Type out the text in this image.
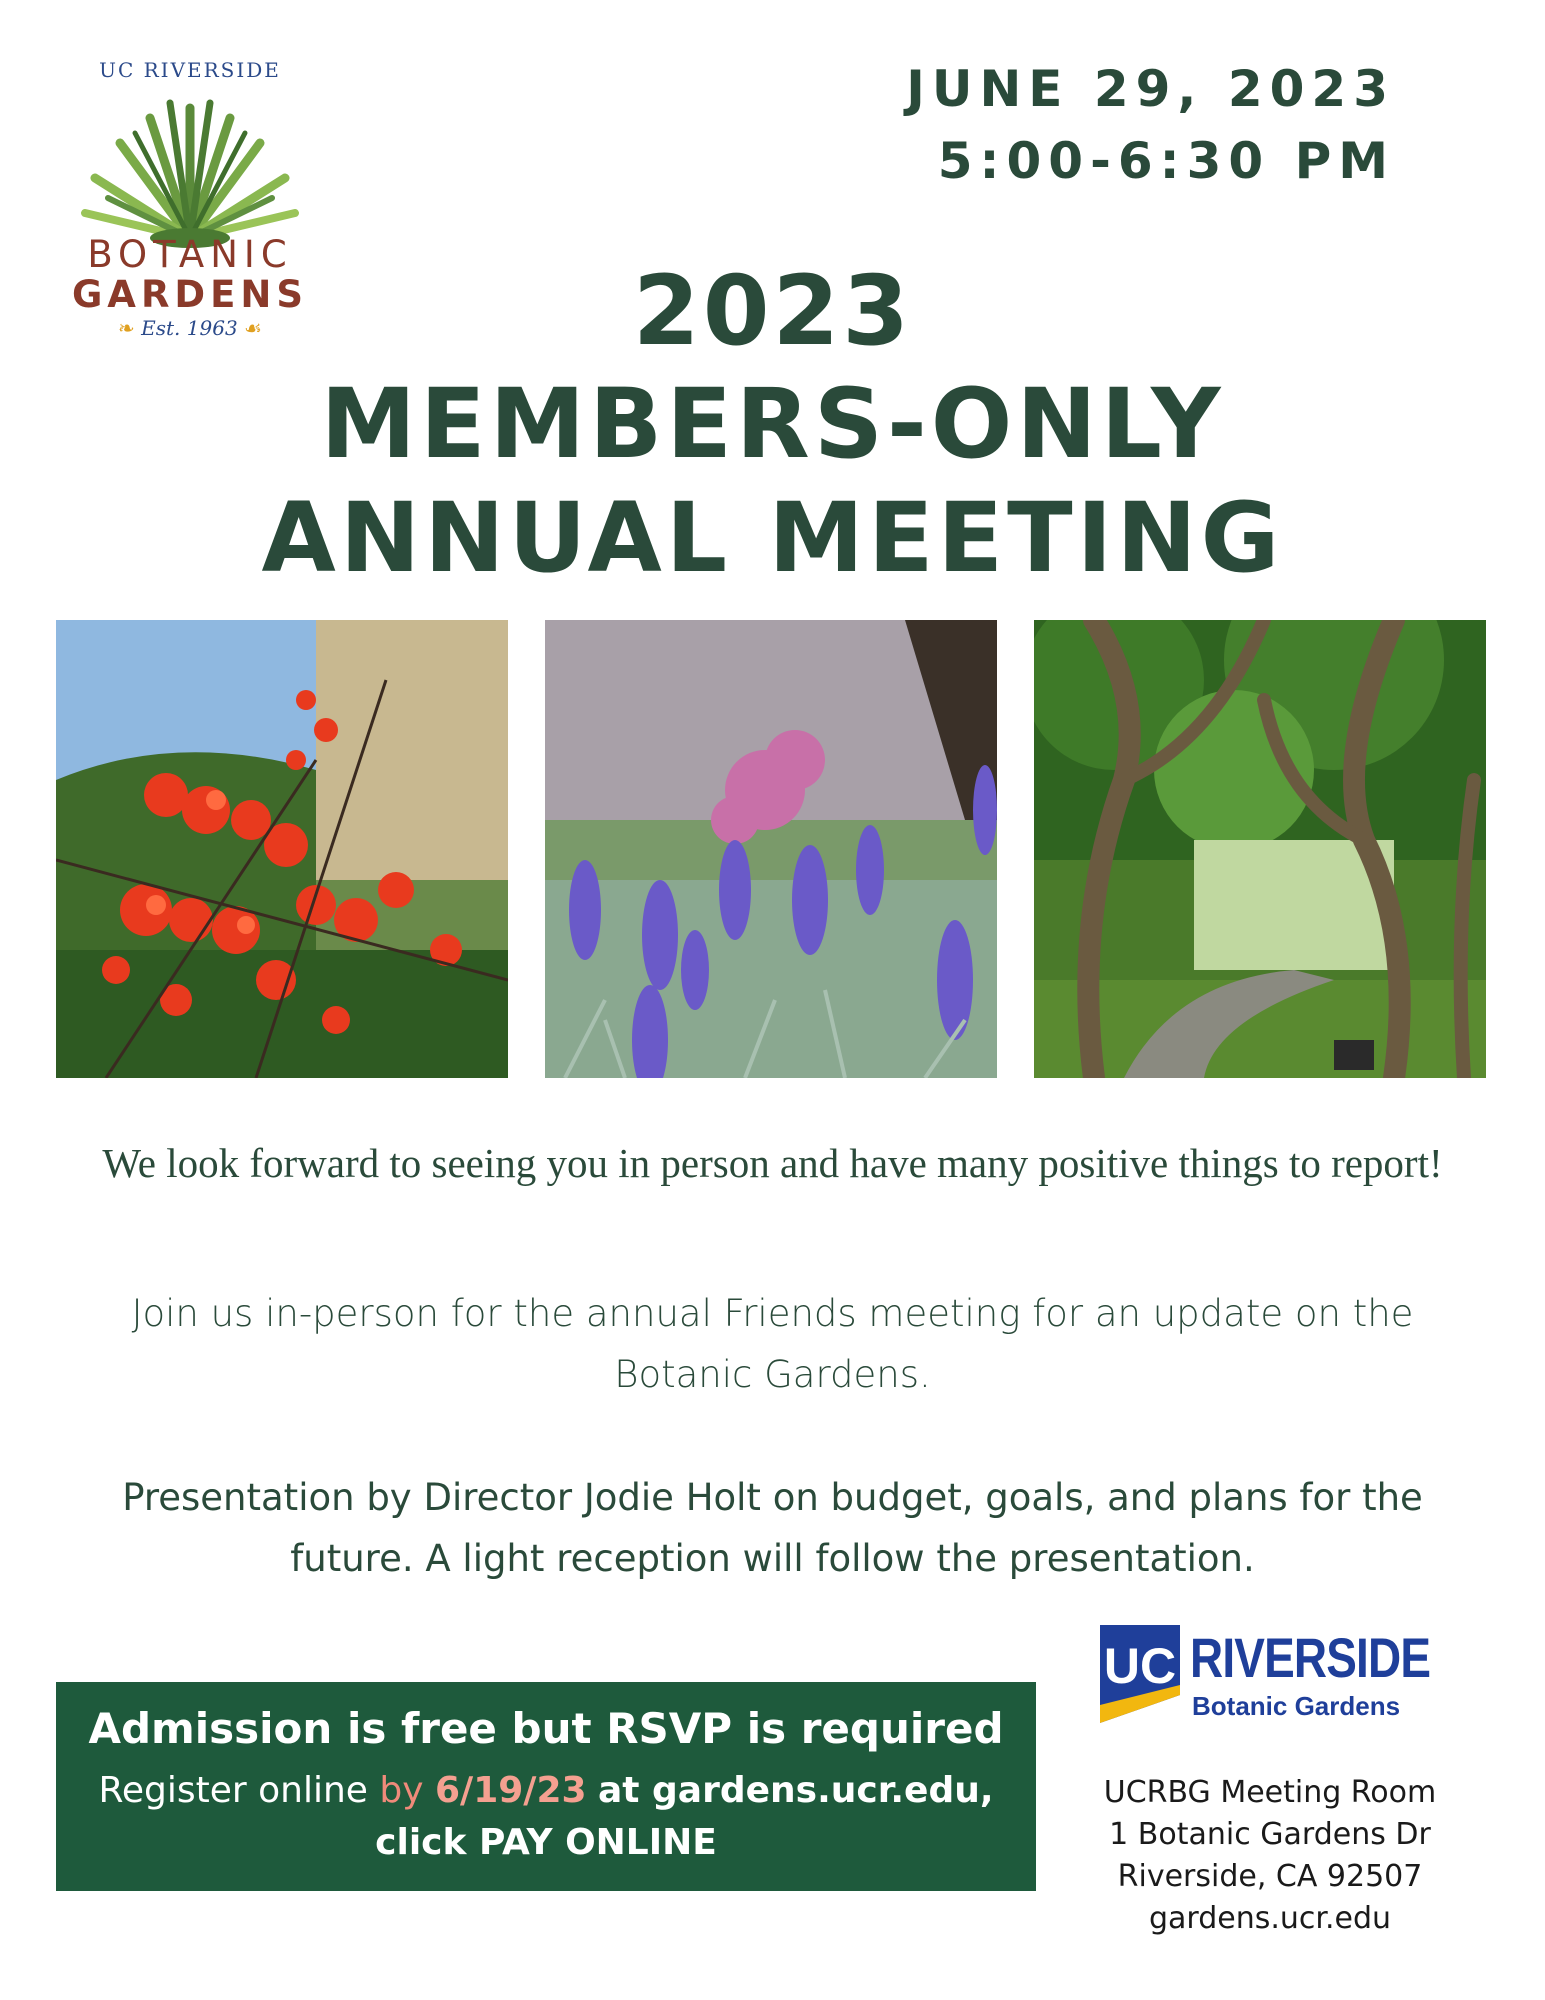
UC RIVERSIDE
BOTANIC
GARDENS
❧ Est. 1963 ☙
JUNE 29, 2023
5:00-6:30 PM
2023
MEMBERS-ONLY
ANNUAL MEETING
We look forward to seeing you in person and have many positive things to report!
Join us in-person for the annual Friends meeting for an update on the Botanic Gardens.
Presentation by Director Jodie Holt on budget, goals, and plans for the future. A light reception will follow the presentation.
Admission is free but RSVP is required
Register online by 6/19/23 at gardens.ucr.edu,
click PAY ONLINE
UC RIVERSIDE
Botanic Gardens
UCRBG Meeting Room
1 Botanic Gardens Dr
Riverside, CA 92507
gardens.ucr.edu
